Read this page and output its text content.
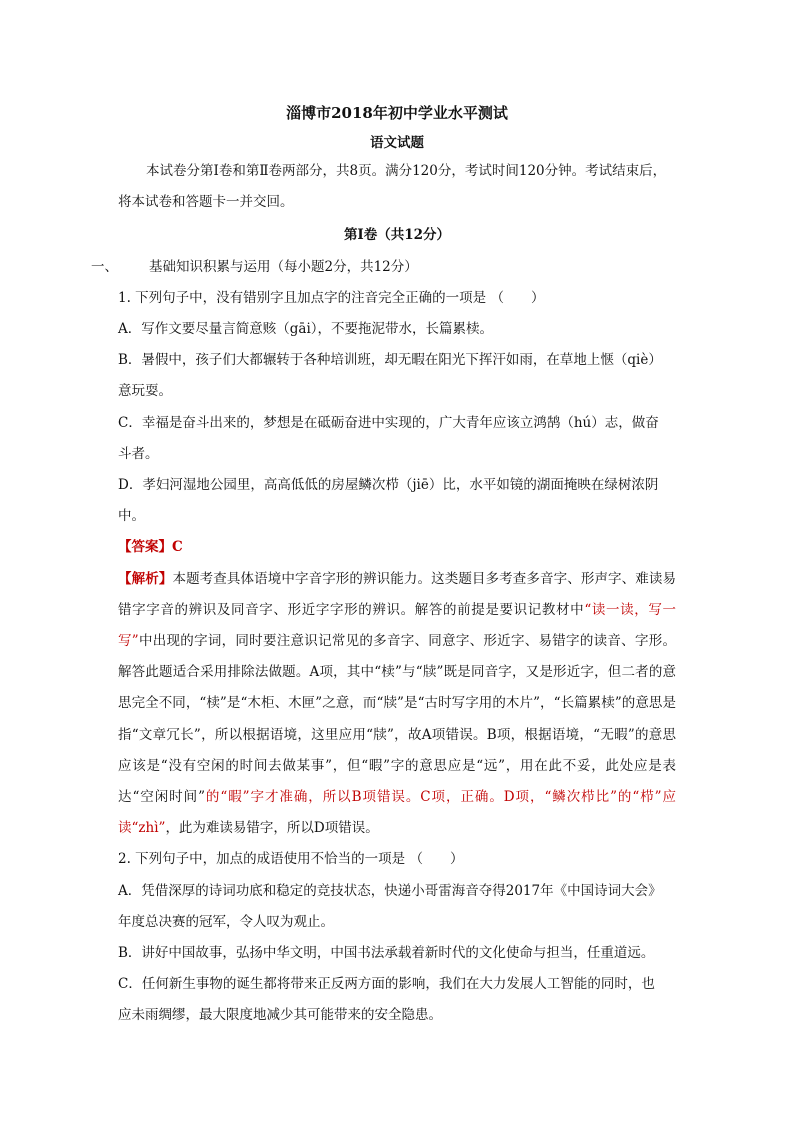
淄博市2018年初中学业水平测试
语文试题

本试卷分第Ⅰ卷和第Ⅱ卷两部分，共8页。满分120分，考试时间120分钟。考试结束后，将本试卷和答题卡一并交回。

第Ⅰ卷（共12分）

一、 基础知识积累与运用（每小题2分，共12分）

1. 下列句子中，没有错别字且加点字的注音完全正确的一项是 （　　）

A．写作文要尽量言简意赅（gāi），不要拖泥带水，长篇累椟。

B．暑假中，孩子们大都辗转于各种培训班，却无暇在阳光下挥汗如雨，在草地上惬（qiè）

意玩耍。

C．幸福是奋斗出来的，梦想是在砥砺奋进中实现的，广大青年应该立鸿鹄（hú）志，做奋

斗者。

D．孝妇河湿地公园里，高高低低的房屋鳞次栉（jiē）比，水平如镜的湖面掩映在绿树浓阴

中。

【答案】C

【解析】本题考查具体语境中字音字形的辨识能力。这类题目多考查多音字、形声字、难读易错字字音的辨识及同音字、形近字字形的辨识。解答的前提是要识记教材中“读一读，写一写”中出现的字词，同时要注意识记常见的多音字、同意字、形近字、易错字的读音、字形。解答此题适合采用排除法做题。A项，其中“椟”与“牍”既是同音字，又是形近字，但二者的意思完全不同，“椟”是“木柜、木匣”之意，而“牍”是“古时写字用的木片”，“长篇累椟”的意思是指“文章冗长”，所以根据语境，这里应用“牍”，故A项错误。B项，根据语境，“无暇”的意思应该是“没有空闲的时间去做某事”，但“暇”字的意思应是“远”，用在此不妥，此处应是表达“空闲时间”的“暇”字才准确，所以B项错误。C项，正确。D项，“鳞次栉比”的“栉”应读“zhì”，此为难读易错字，所以D项错误。

2. 下列句子中，加点的成语使用不恰当的一项是 （　　）

A．凭借深厚的诗词功底和稳定的竞技状态，快递小哥雷海音夺得2017年《中国诗词大会》

年度总决赛的冠军，令人叹为观止。

B．讲好中国故事，弘扬中华文明，中国书法承载着新时代的文化使命与担当，任重道远。

C．任何新生事物的诞生都将带来正反两方面的影响，我们在大力发展人工智能的同时，也

应未雨绸缪，最大限度地减少其可能带来的安全隐患。
